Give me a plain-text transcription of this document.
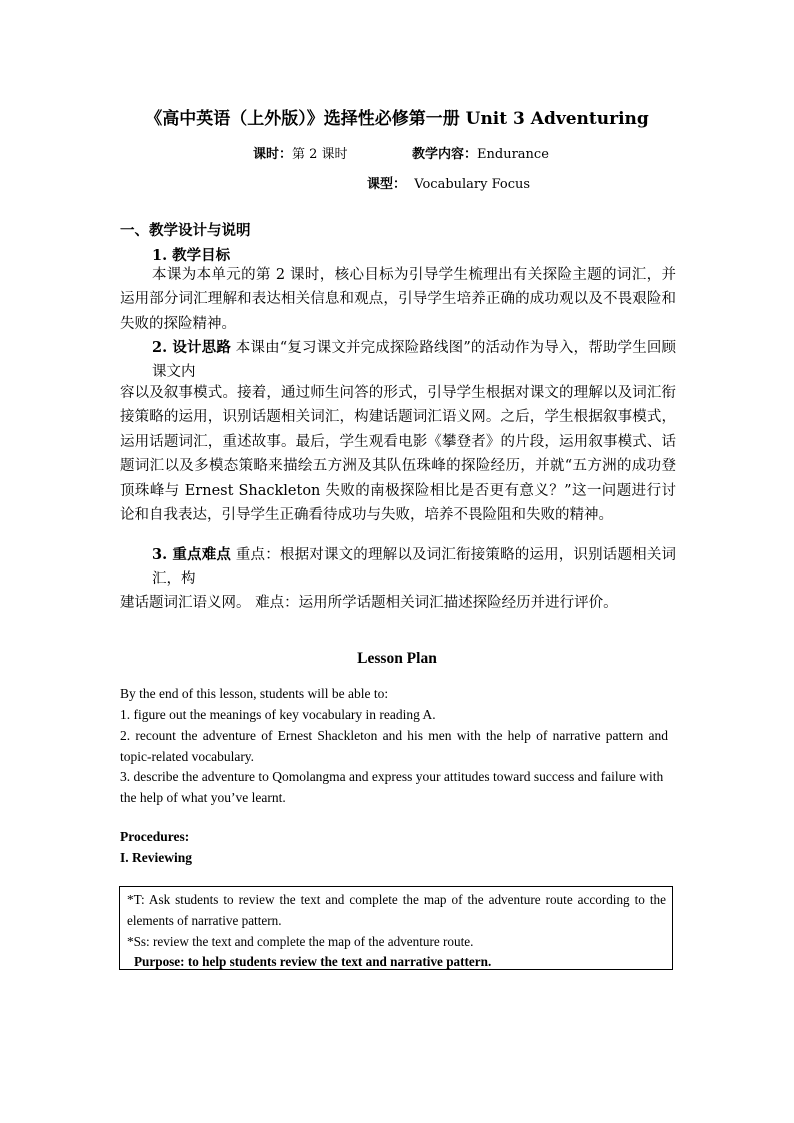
《高中英语（上外版）》选择性必修第一册 Unit 3 Adventuring
课时：第 2 课时	教学内容：Endurance
课型： Vocabulary Focus
一、教学设计与说明
1. 教学目标
本课为本单元的第 2 课时，核心目标为引导学生梳理出有关探险主题的词汇，并运用部分词汇理解和表达相关信息和观点，引导学生培养正确的成功观以及不畏艰险和失败的探险精神。
2. 设计思路 本课由“复习课文并完成探险路线图”的活动作为导入，帮助学生回顾课文内
容以及叙事模式。接着，通过师生问答的形式，引导学生根据对课文的理解以及词汇衔接策略的运用，识别话题相关词汇，构建话题词汇语义网。之后，学生根据叙事模式，运用话题词汇，重述故事。最后，学生观看电影《攀登者》的片段，运用叙事模式、话题词汇以及多模态策略来描绘五方洲及其队伍珠峰的探险经历，并就“五方洲的成功登顶珠峰与 Ernest Shackleton 失败的南极探险相比是否更有意义？”这一问题进行讨论和自我表达，引导学生正确看待成功与失败，培养不畏险阻和失败的精神。
3. 重点难点 重点：根据对课文的理解以及词汇衔接策略的运用，识别话题相关词汇，构
建话题词汇语义网。 难点：运用所学话题相关词汇描述探险经历并进行评价。
Lesson Plan
By the end of this lesson, students will be able to:
1. figure out the meanings of key vocabulary in reading A.
2. recount the adventure of Ernest Shackleton and his men with the help of narrative pattern and topic-related vocabulary.
3. describe the adventure to Qomolangma and express your attitudes toward success and failure with the help of what you’ve learnt.
Procedures:
I. Reviewing

*T: Ask students to review the text and complete the map of the adventure route according to the elements of narrative pattern.

*Ss: review the text and complete the map of the adventure route.

Purpose: to help students review the text and narrative pattern.
